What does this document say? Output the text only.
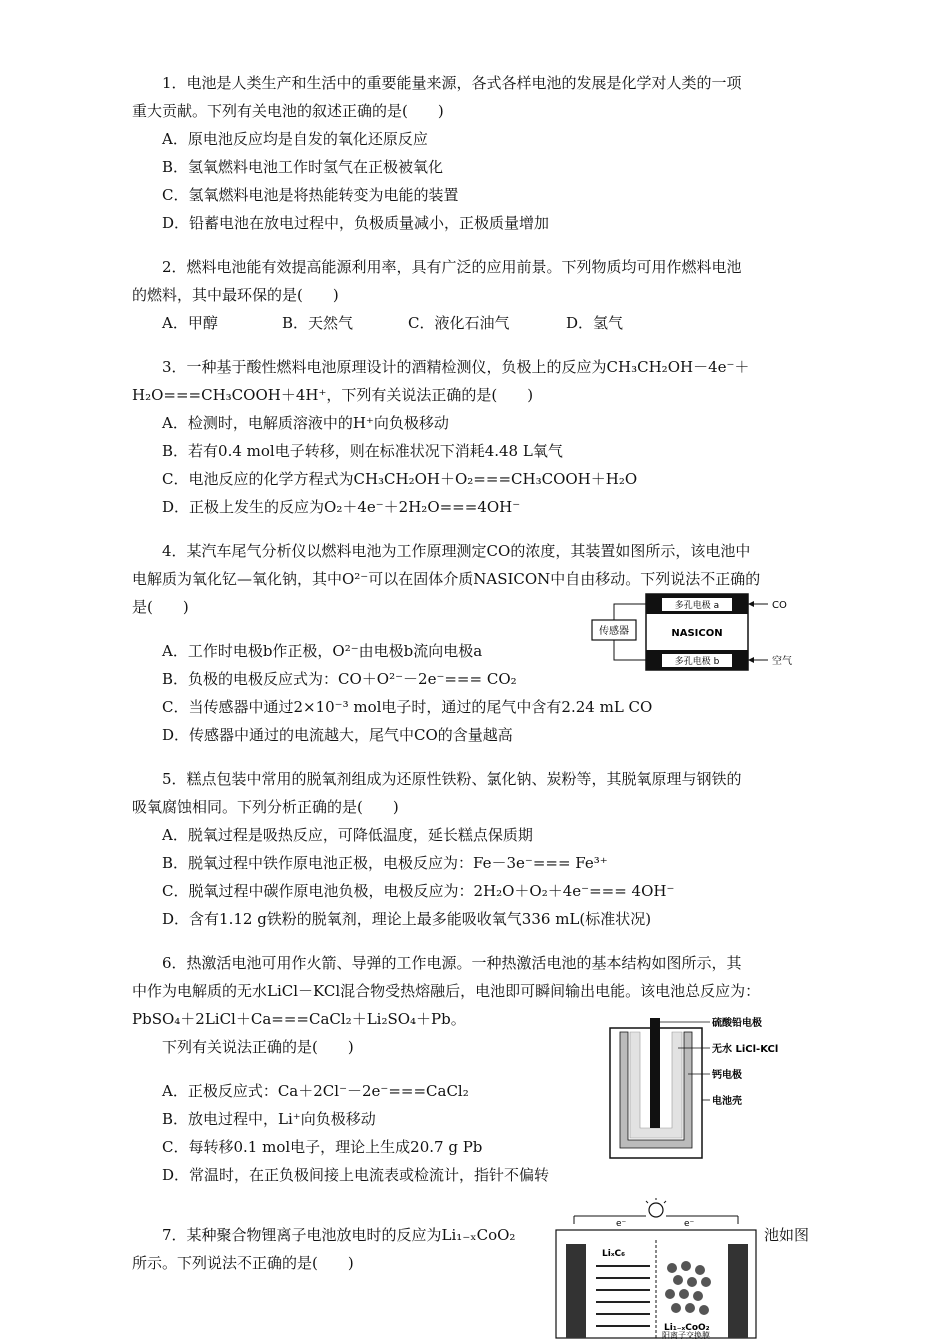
1．电池是人类生产和生活中的重要能量来源，各式各样电池的发展是化学对人类的一项
重大贡献。下列有关电池的叙述正确的是(　　)
A．原电池反应均是自发的氧化还原反应
B．氢氧燃料电池工作时氢气在正极被氧化
C．氢氧燃料电池是将热能转变为电能的装置
D．铅蓄电池在放电过程中，负极质量减小，正极质量增加
2．燃料电池能有效提高能源利用率，具有广泛的应用前景。下列物质均可用作燃料电池
的燃料，其中最环保的是(　　)
A．甲醇	B．天然气	C．液化石油气	D．氢气
3．一种基于酸性燃料电池原理设计的酒精检测仪，负极上的反应为CH₃CH₂OH－4e⁻＋
H₂O===CH₃COOH＋4H⁺，下列有关说法正确的是(　　)
A．检测时，电解质溶液中的H⁺向负极移动
B．若有0.4 mol电子转移，则在标准状况下消耗4.48 L氧气
C．电池反应的化学方程式为CH₃CH₂OH＋O₂===CH₃COOH＋H₂O
D．正极上发生的反应为O₂＋4e⁻＋2H₂O===4OH⁻
4．某汽车尾气分析仪以燃料电池为工作原理测定CO的浓度，其装置如图所示，该电池中
电解质为氧化钇—氧化钠，其中O²⁻可以在固体介质NASICON中自由移动。下列说法不正确的
是(　　)
A．工作时电极b作正极，O²⁻由电极b流向电极a
B．负极的电极反应式为：CO＋O²⁻－2e⁻=== CO₂
C．当传感器中通过2×10⁻³ mol电子时，通过的尾气中含有2.24 mL CO
D．传感器中通过的电流越大，尾气中CO的含量越高
多孔电极 a
多孔电极 b
NASICON
传感器
CO
空气
5．糕点包装中常用的脱氧剂组成为还原性铁粉、氯化钠、炭粉等，其脱氧原理与钢铁的
吸氧腐蚀相同。下列分析正确的是(　　)
A．脱氧过程是吸热反应，可降低温度，延长糕点保质期
B．脱氧过程中铁作原电池正极，电极反应为：Fe－3e⁻=== Fe³⁺
C．脱氧过程中碳作原电池负极，电极反应为：2H₂O＋O₂＋4e⁻=== 4OH⁻
D．含有1.12 g铁粉的脱氧剂，理论上最多能吸收氧气336 mL(标准状况)
6．热激活电池可用作火箭、导弹的工作电源。一种热激活电池的基本结构如图所示，其
中作为电解质的无水LiCl－KCl混合物受热熔融后，电池即可瞬间输出电能。该电池总反应为：
PbSO₄＋2LiCl＋Ca===CaCl₂＋Li₂SO₄＋Pb。
下列有关说法正确的是(　　)
A．正极反应式：Ca＋2Cl⁻－2e⁻===CaCl₂
B．放电过程中，Li⁺向负极移动
C．每转移0.1 mol电子，理论上生成20.7 g Pb
D．常温时，在正负极间接上电流表或检流计，指针不偏转
硫酸铅电极
无水 LiCl-KCl
钙电极
电池壳
7．某种聚合物锂离子电池放电时的反应为Li₁₋ₓCoO₂	池如图
所示。下列说法不正确的是(　　)
e⁻	e⁻
LiₓC₆
Li₁₋ₓCoO₂
阳离子交换膜
